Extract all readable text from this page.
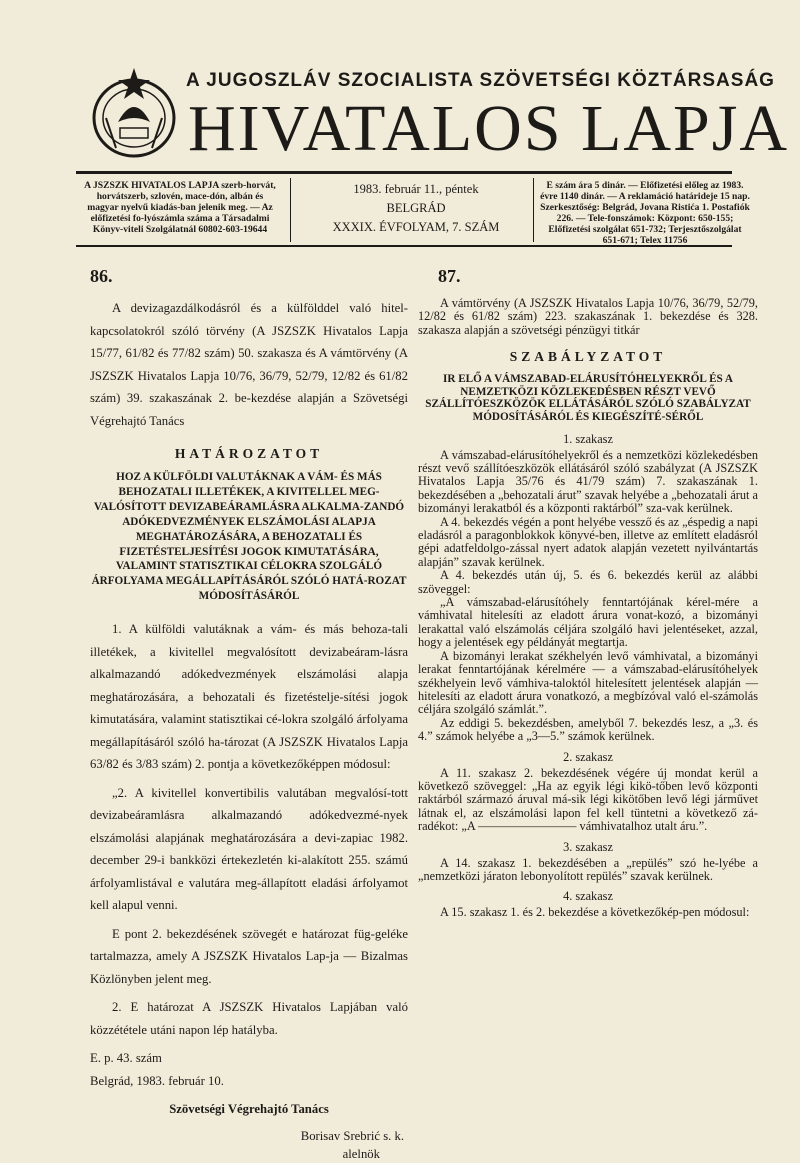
A JUGOSZLÁV SZOCIALISTA SZÖVETSÉGI KÖZTÁRSASÁG
HIVATALOS LAPJA
A JSZSZK HIVATALOS LAPJA szerb-horvát, horvátszerb, szlovén, mace-dón, albán és magyar nyelvű kiadás-ban jelenik meg. — Az előfizetési fo-lyószámla száma a Társadalmi Könyv-viteli Szolgálatnál 60802-603-19644
1983. február 11., péntek
BELGRÁD
XXXIX. ÉVFOLYAM, 7. SZÁM
E szám ára 5 dinár. — Előfizetési előleg az 1983. évre 1140 dinár. — A reklamáció határideje 15 nap. Szerkesztőség: Belgrád, Jovana Ristića 1. Postafiók 226. — Tele-fonszámok: Központ: 650-155; Előfizetési szolgálat 651-732; Terjesztőszolgálat 651-671; Telex 11756
86.

A devizagazdálkodásról és a külfölddel való hitel-kapcsolatokról szóló törvény (A JSZSZK Hivatalos Lapja 15/77, 61/82 és 77/82 szám) 50. szakasza és A vámtörvény (A JSZSZK Hivatalos Lapja 10/76, 36/79, 52/79, 12/82 és 61/82 szám) 39. szakaszának 2. be-kezdése alapján a Szövetségi Végrehajtó Tanács

HATÁROZATOT
HOZ A KÜLFÖLDI VALUTÁKNAK A VÁM- ÉS MÁS BEHOZATALI ILLETÉKEK, A KIVITELLEL MEG-VALÓSÍTOTT DEVIZABEÁRAMLÁSRA ALKALMA-ZANDÓ ADÓKEDVEZMÉNYEK ELSZÁMOLÁSI ALAPJA MEGHATÁROZÁSÁRA, A BEHOZATALI ÉS FIZETÉSTELJESÍTÉSI JOGOK KIMUTATÁSÁRA, VALAMINT STATISZTIKAI CÉLOKRA SZOLGÁLÓ ÁRFOLYAMA MEGÁLLAPÍTÁSÁRÓL SZÓLÓ HATÁ-ROZAT MÓDOSÍTÁSÁRÓL

1. A külföldi valutáknak a vám- és más behoza-tali illetékek, a kivitellel megvalósított devizabeáram-lásra alkalmazandó adókedvezmények elszámolási alapja meghatározására, a behozatali és fizetéstelje-sítési jogok kimutatására, valamint statisztikai cé-lokra szolgáló árfolyama megállapításáról szóló ha-tározat (A JSZSZK Hivatalos Lapja 63/82 és 3/83 szám) 2. pontja a következőképpen módosul:

„2. A kivitellel konvertibilis valutában megvalósí-tott devizabeáramlásra alkalmazandó adókedvezmé-nyek elszámolási alapjának meghatározására a devi-zapiac 1982. december 29-i bankközi értekezletén ki-alakított 255. számú árfolyamlistával e valutára meg-állapított eladási árfolyamot kell alapul venni.

E pont 2. bekezdésének szövegét e határozat füg-geléke tartalmazza, amely A JSZSZK Hivatalos Lap-ja — Bizalmas Közlönyben jelent meg.

2. E határozat A JSZSZK Hivatalos Lapjában való közzététele utáni napon lép hatályba.

E. p. 43. szám
Belgrád, 1983. február 10.
Szövetségi Végrehajtó Tanács
Borisav Srebrić s. k.
alelnök
87.

A vámtörvény (A JSZSZK Hivatalos Lapja 10/76, 36/79, 52/79, 12/82 és 61/82 szám) 223. szakaszának 1. bekezdése és 328. szakasza alapján a szövetségi pénzügyi titkár

SZABÁLYZATOT
IR ELŐ A VÁMSZABAD-ELÁRUSÍTÓHELYEKRŐL ÉS A NEMZETKÖZI KÖZLEKEDÉSBEN RÉSZT VEVŐ SZÁLLÍTÓESZKÖZÖK ELLÁTÁSÁRÓL SZÓLÓ SZABÁLYZAT MÓDOSÍTÁSÁRÓL ÉS KIEGÉSZÍTÉ-SÉRŐL
1. szakasz

A vámszabad-elárusítóhelyekről és a nemzetközi közlekedésben részt vevő szállítóeszközök ellátásáról szóló szabályzat (A JSZSZK Hivatalos Lapja 35/76 és 41/79 szám) 7. szakaszának 1. bekezdésében a „behozatali árut” szavak helyébe a „behozatali árut a bizományi lerakatból és a központi raktárból” sza-vak kerülnek.

A 4. bekezdés végén a pont helyébe vessző és az „éspedig a napi eladásról a paragonblokkok könyvé-ben, illetve az említett eladásról gépi adatfeldolgo-zással nyert adatok alapján vezetett nyilvántartás alapján” szavak kerülnek.

A 4. bekezdés után új, 5. és 6. bekezdés kerül az alábbi szöveggel:

„A vámszabad-elárusítóhely fenntartójának kérel-mére a vámhivatal hitelesíti az eladott árura vonat-kozó, a bizományi lerakattal való elszámolás céljára szolgáló havi jelentéseket, azzal, hogy a jelentések egy példányát megtartja.

A bizományi lerakat székhelyén levő vámhivatal, a bizományi lerakat fenntartójának kérelmére — a vámszabad-elárusítóhelyek székhelyein levő vámhiva-taloktól hitelesített jelentések alapján — hitelesíti az eladott árura vonatkozó, a megbízóval való el-számolás céljára szolgáló számlát.”.

Az eddigi 5. bekezdésben, amelyből 7. bekezdés lesz, a „3. és 4.” számok helyébe a „3—5.” számok kerülnek.

2. szakasz

A 11. szakasz 2. bekezdésének végére új mondat kerül a következő szöveggel: „Ha az egyik légi kikö-tőben levő központi raktárból származó áruval má-sik légi kikötőben levő légi járművet látnak el, az elszámolási lapon fel kell tüntetni a következő zá-radékot: „A ———————— vámhivatalhoz utalt áru.”.

3. szakasz

A 14. szakasz 1. bekezdésében a „repülés” szó he-lyébe a „nemzetközi járaton lebonyolított repülés” szavak kerülnek.

4. szakasz

A 15. szakasz 1. és 2. bekezdése a következőkép-pen módosul:
